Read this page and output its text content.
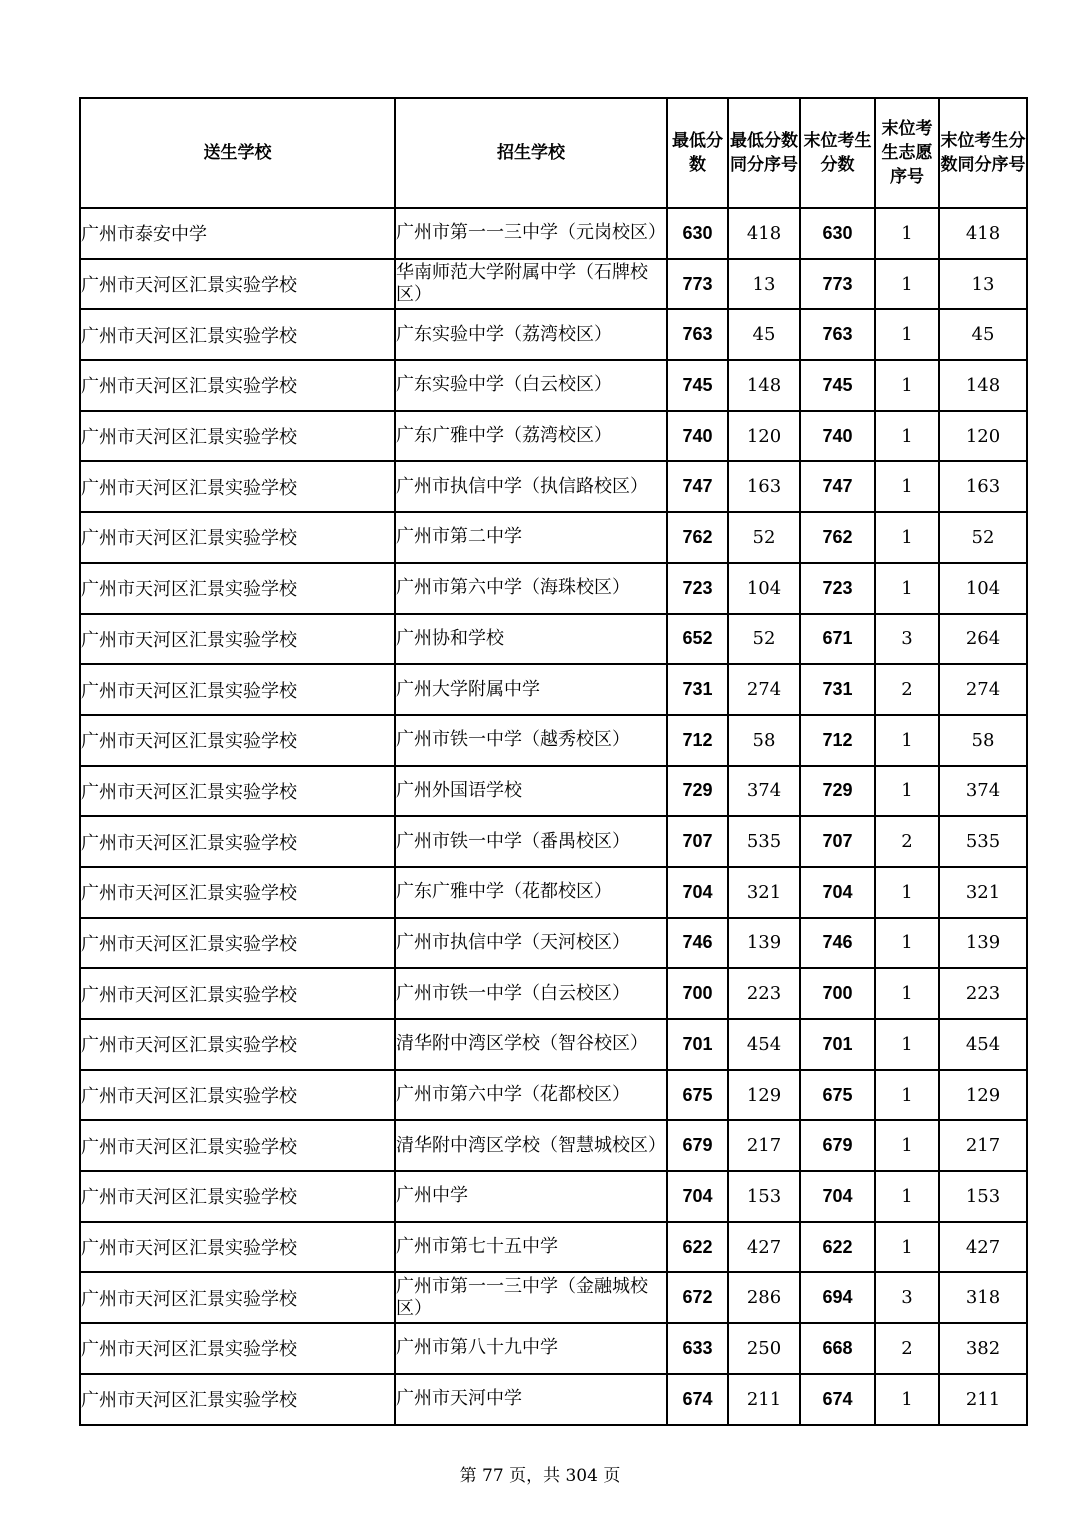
送生学校	招生学校	最低分数	最低分数同分序号	末位考生分数	末位考生志愿序号	末位考生分数同分序号
广州市泰安中学	广州市第一一三中学（元岗校区）	630	418	630	1	418
广州市天河区汇景实验学校	华南师范大学附属中学（石牌校区）	773	13	773	1	13
广州市天河区汇景实验学校	广东实验中学（荔湾校区）	763	45	763	1	45
广州市天河区汇景实验学校	广东实验中学（白云校区）	745	148	745	1	148
广州市天河区汇景实验学校	广东广雅中学（荔湾校区）	740	120	740	1	120
广州市天河区汇景实验学校	广州市执信中学（执信路校区）	747	163	747	1	163
广州市天河区汇景实验学校	广州市第二中学	762	52	762	1	52
广州市天河区汇景实验学校	广州市第六中学（海珠校区）	723	104	723	1	104
广州市天河区汇景实验学校	广州协和学校	652	52	671	3	264
广州市天河区汇景实验学校	广州大学附属中学	731	274	731	2	274
广州市天河区汇景实验学校	广州市铁一中学（越秀校区）	712	58	712	1	58
广州市天河区汇景实验学校	广州外国语学校	729	374	729	1	374
广州市天河区汇景实验学校	广州市铁一中学（番禺校区）	707	535	707	2	535
广州市天河区汇景实验学校	广东广雅中学（花都校区）	704	321	704	1	321
广州市天河区汇景实验学校	广州市执信中学（天河校区）	746	139	746	1	139
广州市天河区汇景实验学校	广州市铁一中学（白云校区）	700	223	700	1	223
广州市天河区汇景实验学校	清华附中湾区学校（智谷校区）	701	454	701	1	454
广州市天河区汇景实验学校	广州市第六中学（花都校区）	675	129	675	1	129
广州市天河区汇景实验学校	清华附中湾区学校（智慧城校区）	679	217	679	1	217
广州市天河区汇景实验学校	广州中学	704	153	704	1	153
广州市天河区汇景实验学校	广州市第七十五中学	622	427	622	1	427
广州市天河区汇景实验学校	广州市第一一三中学（金融城校区）	672	286	694	3	318
广州市天河区汇景实验学校	广州市第八十九中学	633	250	668	2	382
广州市天河区汇景实验学校	广州市天河中学	674	211	674	1	211
第 77 页，共 304 页
